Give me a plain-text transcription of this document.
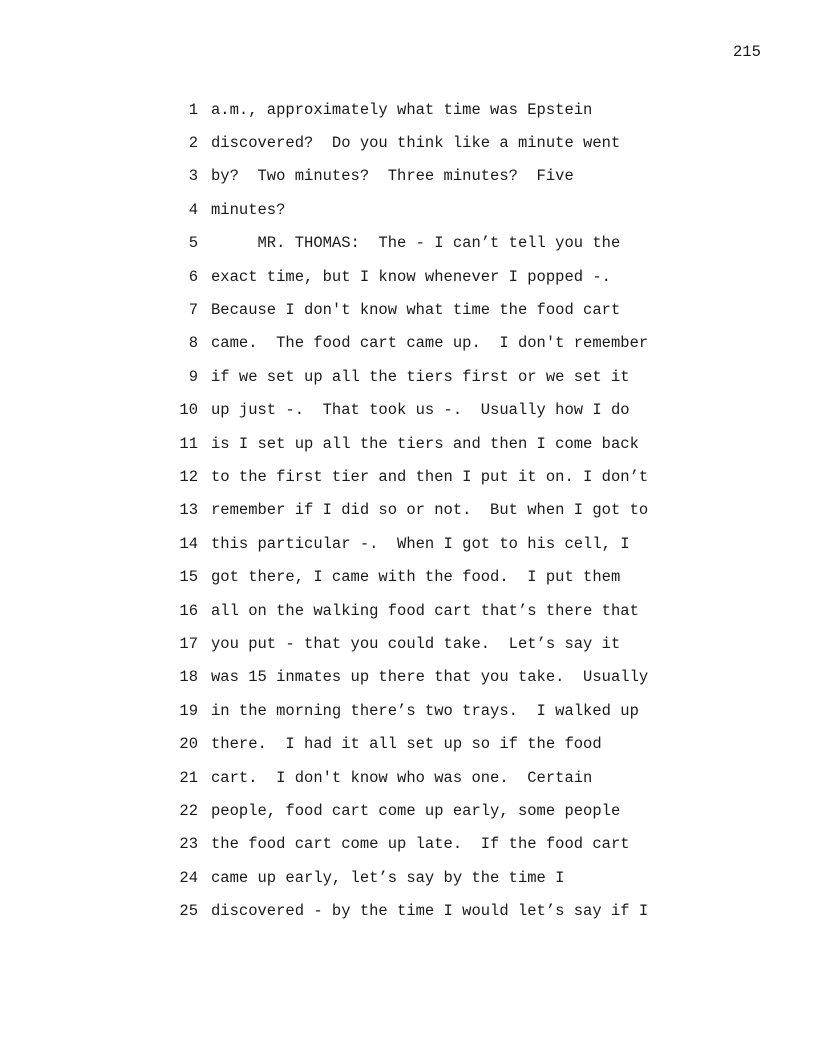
215
1 a.m., approximately what time was Epstein
2 discovered?  Do you think like a minute went
3 by?  Two minutes?  Three minutes?  Five
4 minutes?
5 MR. THOMAS:  The - I can’t tell you the
6 exact time, but I know whenever I popped -.
7 Because I don't know what time the food cart
8 came.  The food cart came up.  I don't remember
9 if we set up all the tiers first or we set it
10 up just -.  That took us -.  Usually how I do
11 is I set up all the tiers and then I come back
12 to the first tier and then I put it on. I don’t
13 remember if I did so or not.  But when I got to
14 this particular -.  When I got to his cell, I
15 got there, I came with the food.  I put them
16 all on the walking food cart that’s there that
17 you put - that you could take.  Let’s say it
18 was 15 inmates up there that you take.  Usually
19 in the morning there’s two trays.  I walked up
20 there.  I had it all set up so if the food
21 cart.  I don't know who was one.  Certain
22 people, food cart come up early, some people
23 the food cart come up late.  If the food cart
24 came up early, let’s say by the time I
25 discovered - by the time I would let’s say if I
